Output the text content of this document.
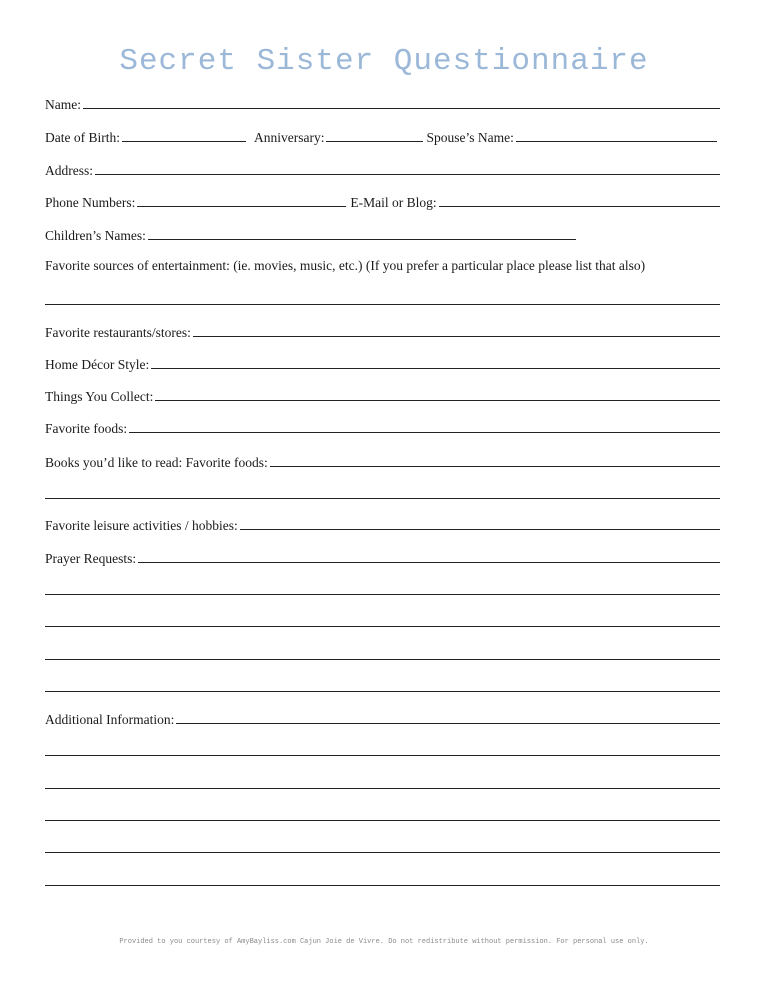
Secret Sister Questionnaire
Name:
Date of Birth:	Anniversary:	Spouse’s Name:
Address:
Phone Numbers:	E-Mail or Blog:
Children’s Names:
Favorite sources of entertainment: (ie. movies, music, etc.) (If you prefer a particular place please list that also)
Favorite restaurants/stores:
Home Décor Style:
Things You Collect:
Favorite foods:
Books you’d like to read: Favorite foods:
Favorite leisure activities / hobbies:
Prayer Requests:
Additional Information:
Provided to you courtesy of AmyBayliss.com Cajun Joie de Vivre. Do not redistribute without permission. For personal use only.
